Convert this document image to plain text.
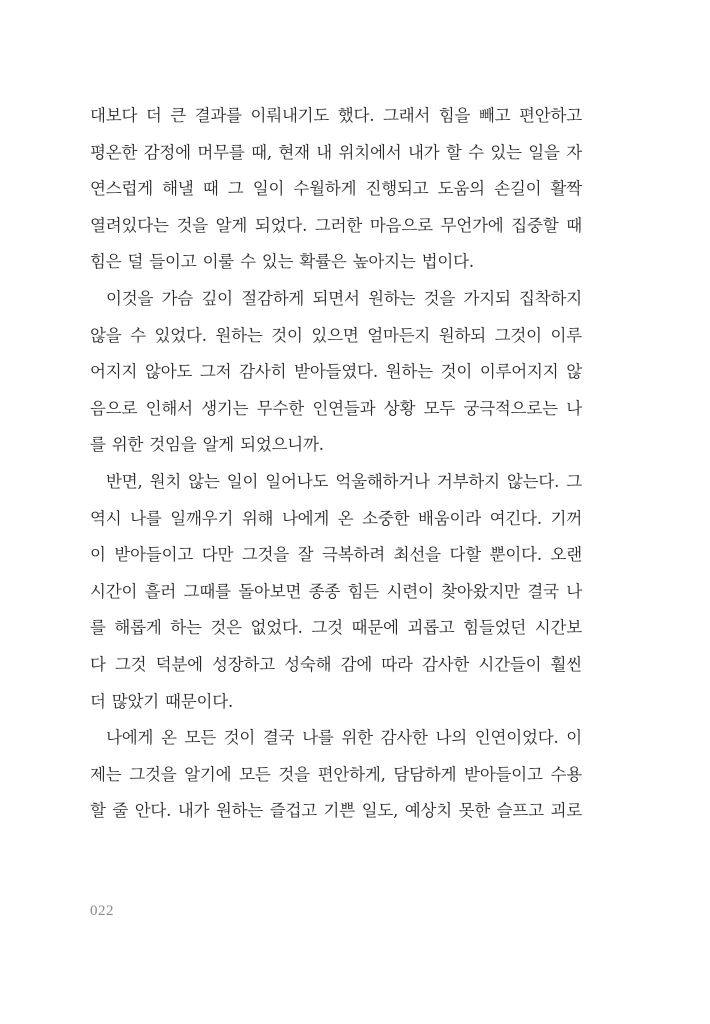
대보다 더 큰 결과를 이뤄내기도 했다. 그래서 힘을 빼고 편안하고
평온한 감정에 머무를 때, 현재 내 위치에서 내가 할 수 있는 일을 자
연스럽게 해낼 때 그 일이 수월하게 진행되고 도움의 손길이 활짝
열려있다는 것을 알게 되었다. 그러한 마음으로 무언가에 집중할 때
힘은 덜 들이고 이룰 수 있는 확률은 높아지는 법이다.
이것을 가슴 깊이 절감하게 되면서 원하는 것을 가지되 집착하지
않을 수 있었다. 원하는 것이 있으면 얼마든지 원하되 그것이 이루
어지지 않아도 그저 감사히 받아들였다. 원하는 것이 이루어지지 않
음으로 인해서 생기는 무수한 인연들과 상황 모두 궁극적으로는 나
를 위한 것임을 알게 되었으니까.
반면, 원치 않는 일이 일어나도 억울해하거나 거부하지 않는다. 그
역시 나를 일깨우기 위해 나에게 온 소중한 배움이라 여긴다. 기꺼
이 받아들이고 다만 그것을 잘 극복하려 최선을 다할 뿐이다. 오랜
시간이 흘러 그때를 돌아보면 종종 힘든 시련이 찾아왔지만 결국 나
를 해롭게 하는 것은 없었다. 그것 때문에 괴롭고 힘들었던 시간보
다 그것 덕분에 성장하고 성숙해 감에 따라 감사한 시간들이 훨씬
더 많았기 때문이다.
나에게 온 모든 것이 결국 나를 위한 감사한 나의 인연이었다. 이
제는 그것을 알기에 모든 것을 편안하게, 담담하게 받아들이고 수용
할 줄 안다. 내가 원하는 즐겁고 기쁜 일도, 예상치 못한 슬프고 괴로
022
